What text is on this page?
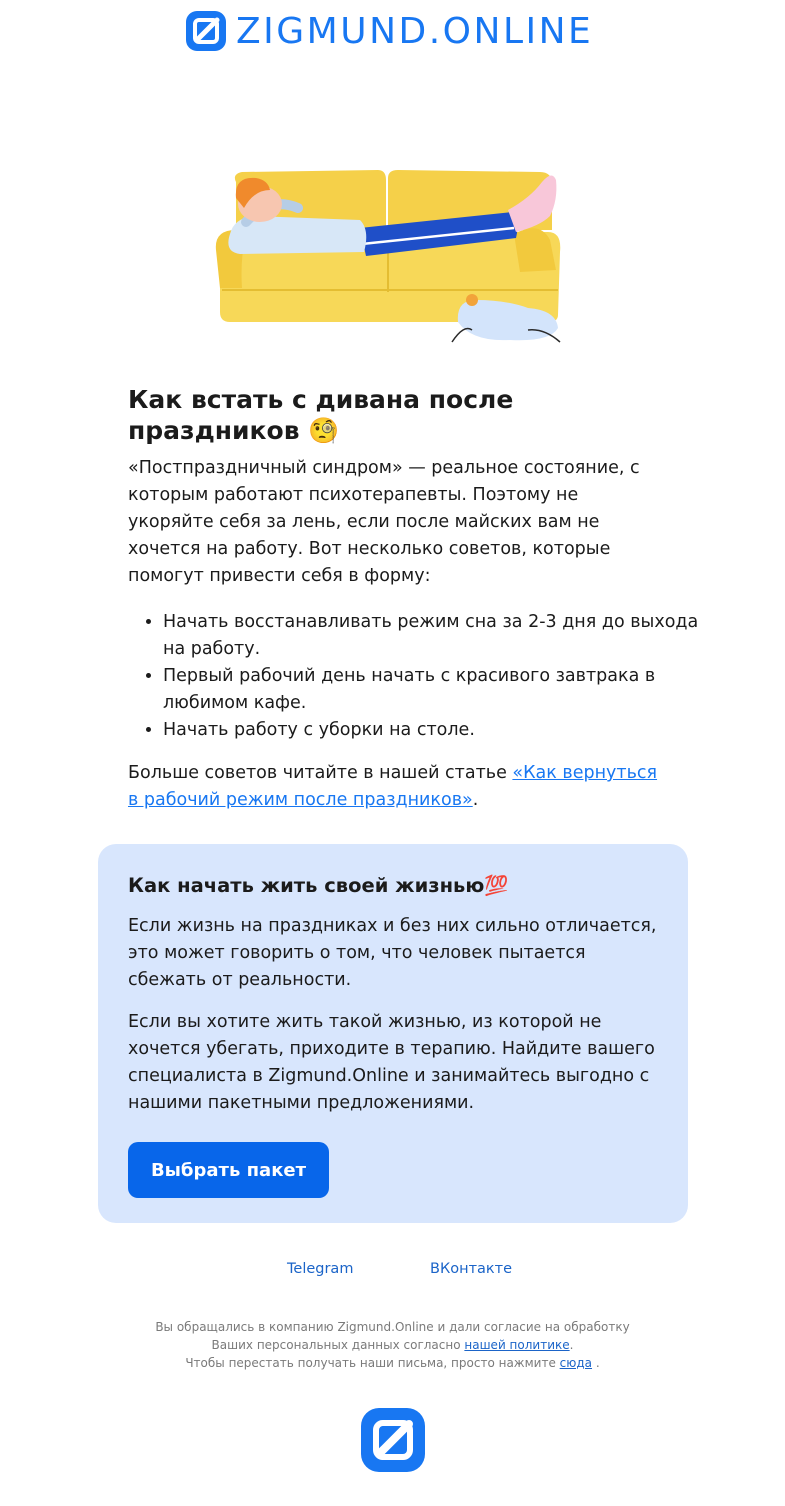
ZIGMUND.ONLINE
Как встать с дивана после праздников 🧐

«Постпраздничный синдром» — реальное состояние, с которым работают психотерапевты. Поэтому не укоряйте себя за лень, если после майских вам не хочется на работу. Вот несколько советов, которые помогут привести себя в форму:

• Начать восстанавливать режим сна за 2-3 дня до выхода на работу.
• Первый рабочий день начать с красивого завтрака в любимом кафе.
• Начать работу с уборки на столе.

Больше советов читайте в нашей статье «Как вернуться в рабочий режим после праздников».

Как начать жить своей жизнью💯

Если жизнь на праздниках и без них сильно отличается, это может говорить о том, что человек пытается сбежать от реальности.

Если вы хотите жить такой жизнью, из которой не хочется убегать, приходите в терапию. Найдите вашего специалиста в Zigmund.Online и занимайтесь выгодно с нашими пакетными предложениями.

Выбрать пакет
Telegram	ВКонтакте
Вы обращались в компанию Zigmund.Online и дали согласие на обработку Ваших персональных данных согласно нашей политике.
Чтобы перестать получать наши письма, просто нажмите сюда .
